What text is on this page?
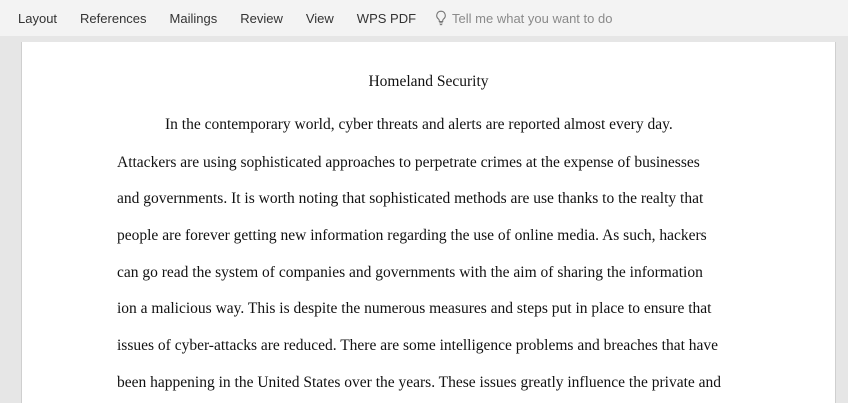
Layout	References	Mailings	Review	View	WPS PDF	Tell me what you want to do
Homeland Security
In the contemporary world, cyber threats and alerts are reported almost every day.
Attackers are using sophisticated approaches to perpetrate crimes at the expense of businesses
and governments. It is worth noting that sophisticated methods are use thanks to the realty that
people are forever getting new information regarding the use of online media. As such, hackers
can go read the system of companies and governments with the aim of sharing the information
ion a malicious way. This is despite the numerous measures and steps put in place to ensure that
issues of cyber-attacks are reduced. There are some intelligence problems and breaches that have
been happening in the United States over the years. These issues greatly influence the private and
